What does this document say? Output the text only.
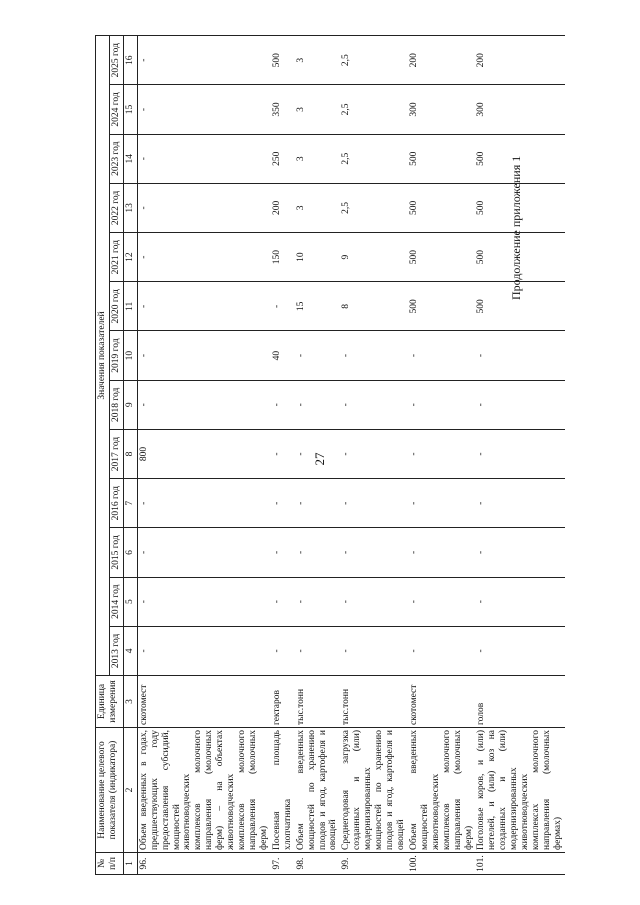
27
Продолжение приложения 1
№ п/п	Наименование целевого показателя (индикатора)	Единица измерения	Значения показателей												
			2013 год	2014 год	2015 год	2016 год	2017 год	2018 год	2019 год	2020 год	2021 год	2022 год	2023 год	2024 год	2025 год
1	2	3	4	5	6	7	8	9	10	11	12	13	14	15	16
96.	Объем введенных в годах, предшествующих году предоставления субсидий, мощностей животноводческих комплексов молочного направления (молочных ферм) – на объектах животноводческих комплексов молочного направления (молочных ферм)	скотомест	-	-	-	-	800	-	-	-	-	-	-	-	-
97.	Посевная площадь хлопчатника	гектаров	-	-	-	-	-	-	40	-	150	200	250	350	500
98.	Объем введенных мощностей по хранению плодов и ягод, картофеля и овощей	тыс.тонн	-	-	-	-	-	-	-	15	10	3	3	3	3
99.	Среднегодовая загрузка созданных и (или) модернизированных мощностей по хранению плодов и ягод, картофеля и овощей	тыс.тонн	-	-	-	-	-	-	-	8	9	2,5	2,5	2,5	2,5
100.	Объем введенных мощностей животноводческих комплексов молочного направления (молочных ферм)	скотомест	-	-	-	-	-	-	-	500	500	500	500	300	200
101.	Поголовье коров, и (или) нетелей, и (или) коз на созданных и (или) модернизированных животноводческих комплексах молочного направления (молочных фермах)	голов	-	-	-	-	-	-	-	500	500	500	500	300	200
